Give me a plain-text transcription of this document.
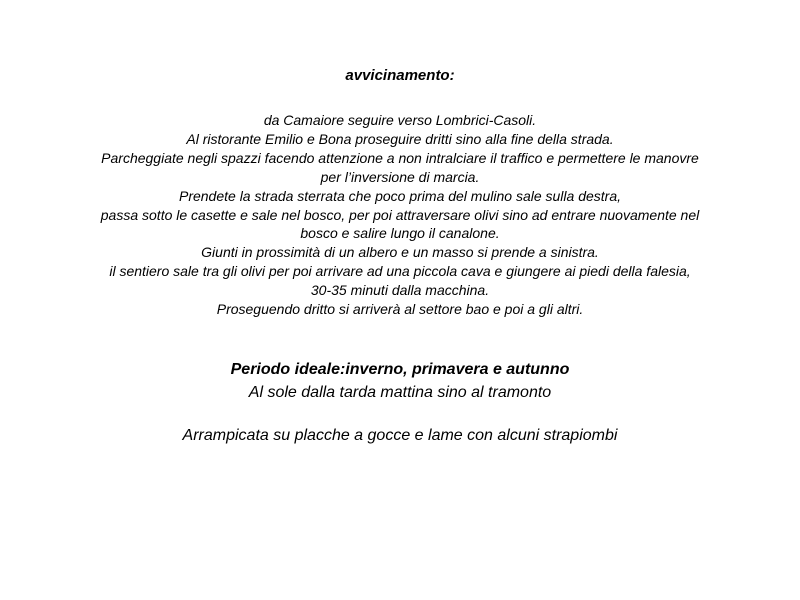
avvicinamento:
da Camaiore seguire verso Lombrici-Casoli.
Al ristorante Emilio e Bona proseguire dritti sino alla fine della strada.
Parcheggiate negli spazzi facendo attenzione a non intralciare il traffico e permettere le manovre
per l’inversione di marcia.
Prendete la strada sterrata che poco prima del mulino sale sulla destra,
passa sotto le casette e sale nel bosco, per poi attraversare olivi sino ad entrare nuovamente nel
bosco e salire lungo il canalone.
Giunti in prossimità di un albero e un masso si prende a sinistra.
il sentiero sale tra gli olivi per poi arrivare ad una piccola cava e giungere ai piedi della falesia,
30-35 minuti dalla macchina.
Proseguendo dritto si arriverà al settore bao e poi a gli altri.
Periodo ideale:inverno, primavera e autunno
Al sole dalla tarda mattina sino al tramonto
Arrampicata su placche a gocce e lame con alcuni strapiombi
